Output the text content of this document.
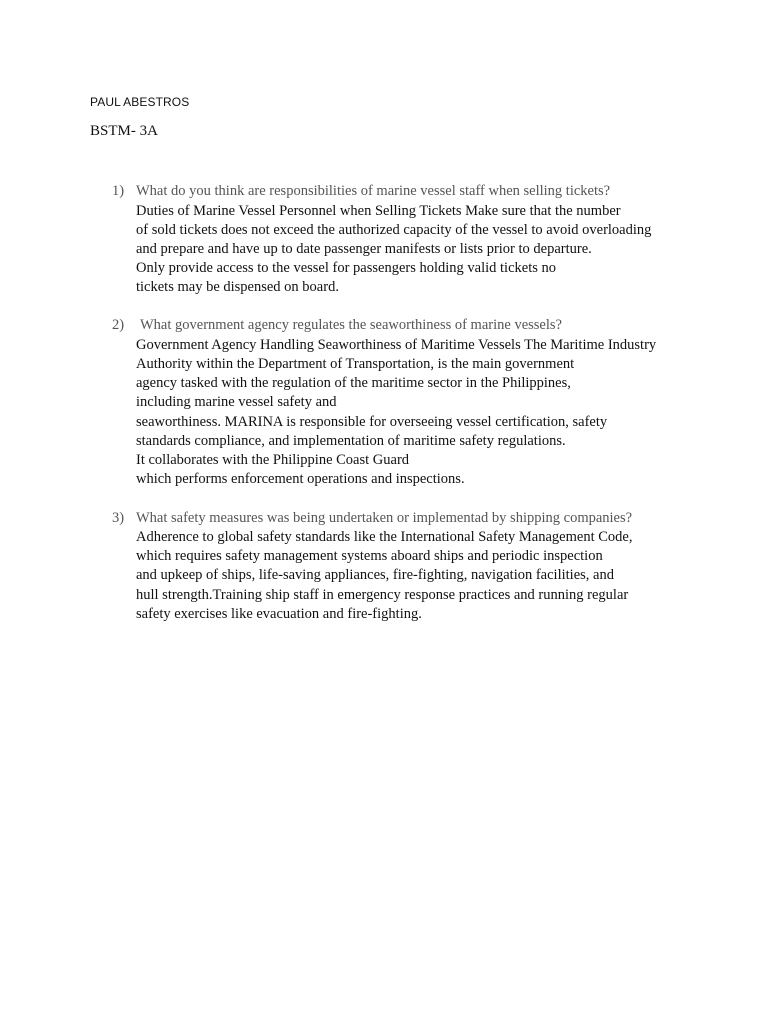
PAUL ABESTROS
BSTM- 3A
1) What do you think are responsibilities of marine vessel staff when selling tickets?
Duties of Marine Vessel Personnel when Selling Tickets Make sure that the number
of sold tickets does not exceed the authorized capacity of the vessel to avoid overloading
and prepare and have up to date passenger manifests or lists prior to departure.
Only provide access to the vessel for passengers holding valid tickets no
tickets may be dispensed on board.
2) What government agency regulates the seaworthiness of marine vessels?
Government Agency Handling Seaworthiness of Maritime Vessels The Maritime Industry
Authority within the Department of Transportation, is the main government
agency tasked with the regulation of the maritime sector in the Philippines,
including marine vessel safety and
seaworthiness. MARINA is responsible for overseeing vessel certification, safety
standards compliance, and implementation of maritime safety regulations.
It collaborates with the Philippine Coast Guard
which performs enforcement operations and inspections.
3) What safety measures was being undertaken or implementad by shipping companies?
Adherence to global safety standards like the International Safety Management Code,
which requires safety management systems aboard ships and periodic inspection
and upkeep of ships, life-saving appliances, fire-fighting, navigation facilities, and
hull strength.Training ship staff in emergency response practices and running regular
safety exercises like evacuation and fire-fighting.
